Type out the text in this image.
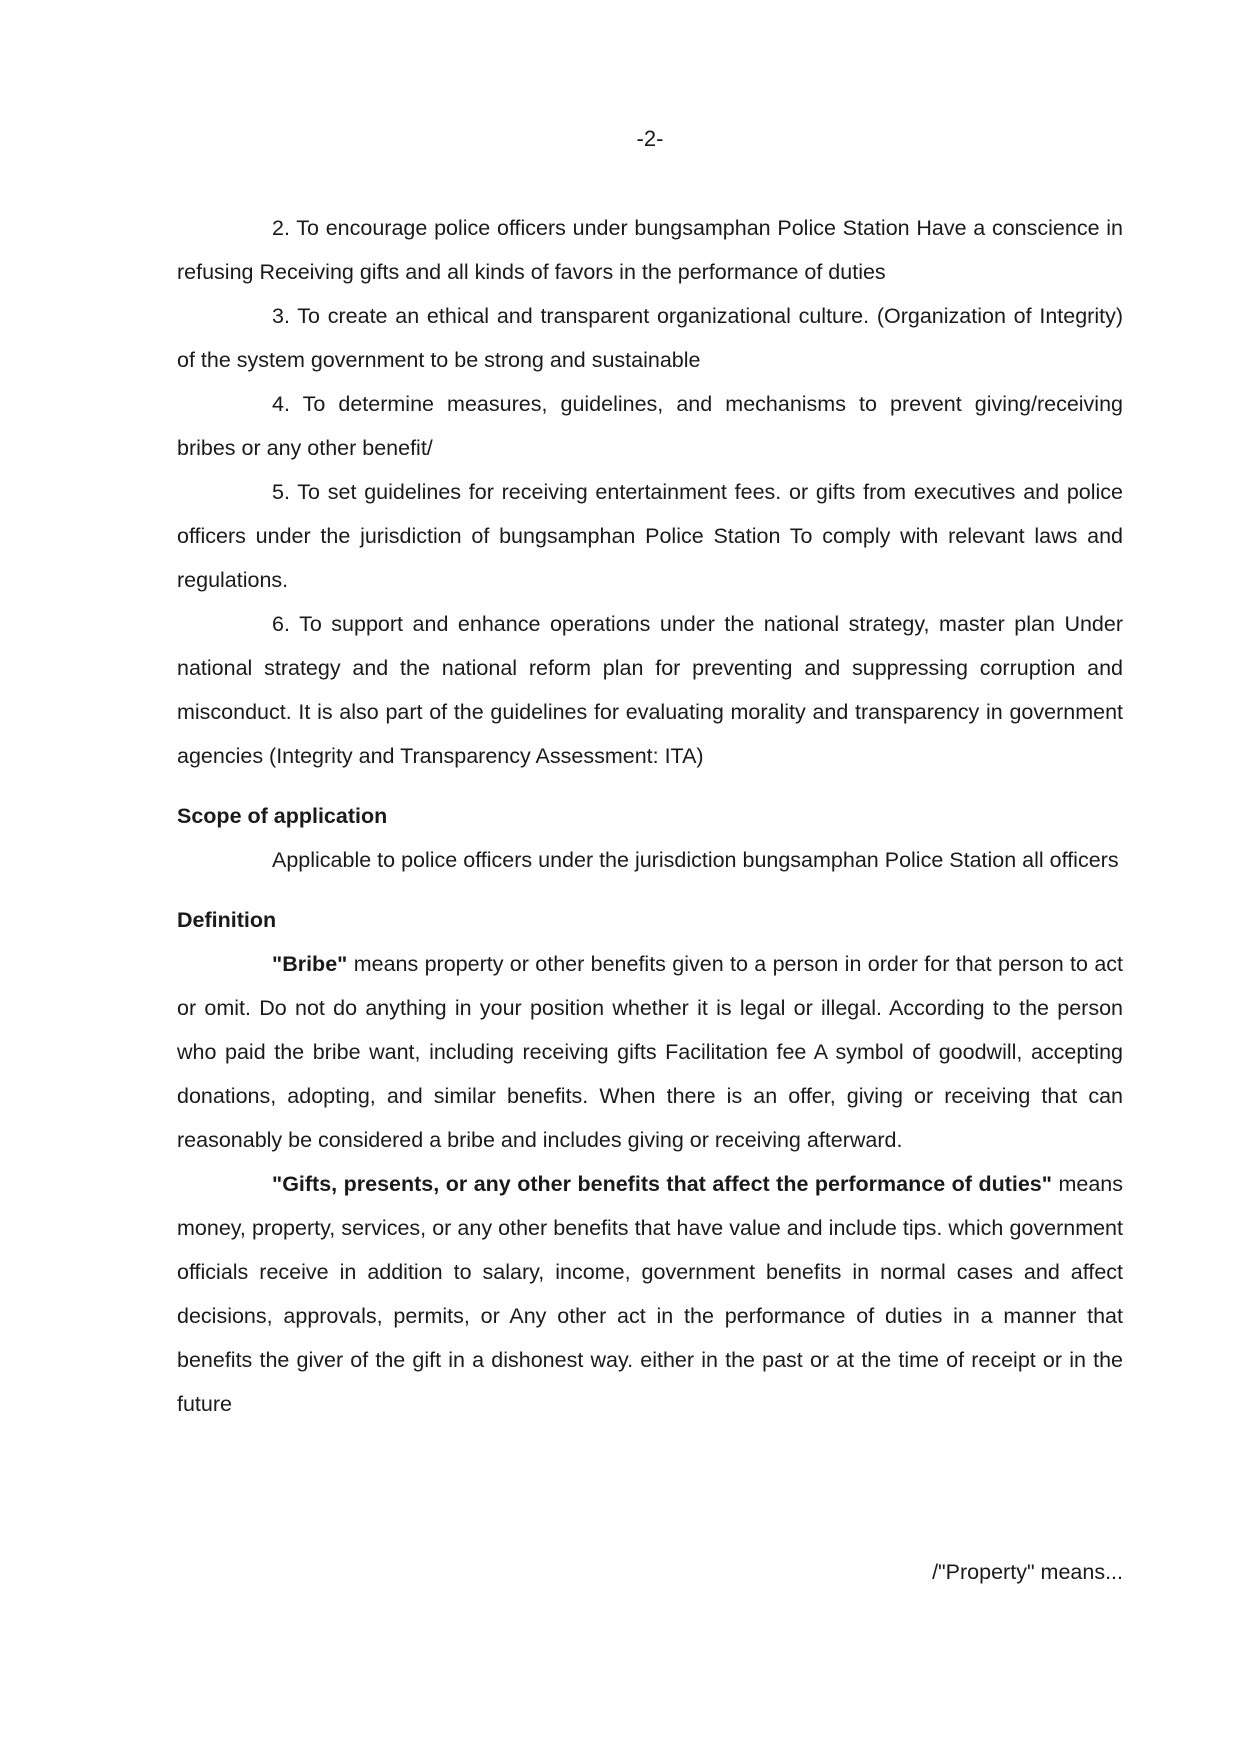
-2-

2. To encourage police officers under bungsamphan Police Station Have a conscience in refusing Receiving gifts and all kinds of favors in the performance of duties

3. To create an ethical and transparent organizational culture. (Organization of Integrity) of the system government to be strong and sustainable

4. To determine measures, guidelines, and mechanisms to prevent giving/receiving bribes or any other benefit/

5. To set guidelines for receiving entertainment fees. or gifts from executives and police officers under the jurisdiction of bungsamphan Police Station To comply with relevant laws and regulations.

6. To support and enhance operations under the national strategy, master plan Under national strategy and the national reform plan for preventing and suppressing corruption and misconduct. It is also part of the guidelines for evaluating morality and transparency in government agencies (Integrity and Transparency Assessment: ITA)

Scope of application

Applicable to police officers under the jurisdiction bungsamphan Police Station all officers

Definition

"Bribe" means property or other benefits given to a person in order for that person to act or omit. Do not do anything in your position whether it is legal or illegal. According to the person who paid the bribe want, including receiving gifts Facilitation fee A symbol of goodwill, accepting donations, adopting, and similar benefits. When there is an offer, giving or receiving that can reasonably be considered a bribe and includes giving or receiving afterward.

"Gifts, presents, or any other benefits that affect the performance of duties" means money, property, services, or any other benefits that have value and include tips. which government officials receive in addition to salary, income, government benefits in normal cases and affect decisions, approvals, permits, or Any other act in the performance of duties in a manner that benefits the giver of the gift in a dishonest way. either in the past or at the time of receipt or in the future

/"Property" means...
